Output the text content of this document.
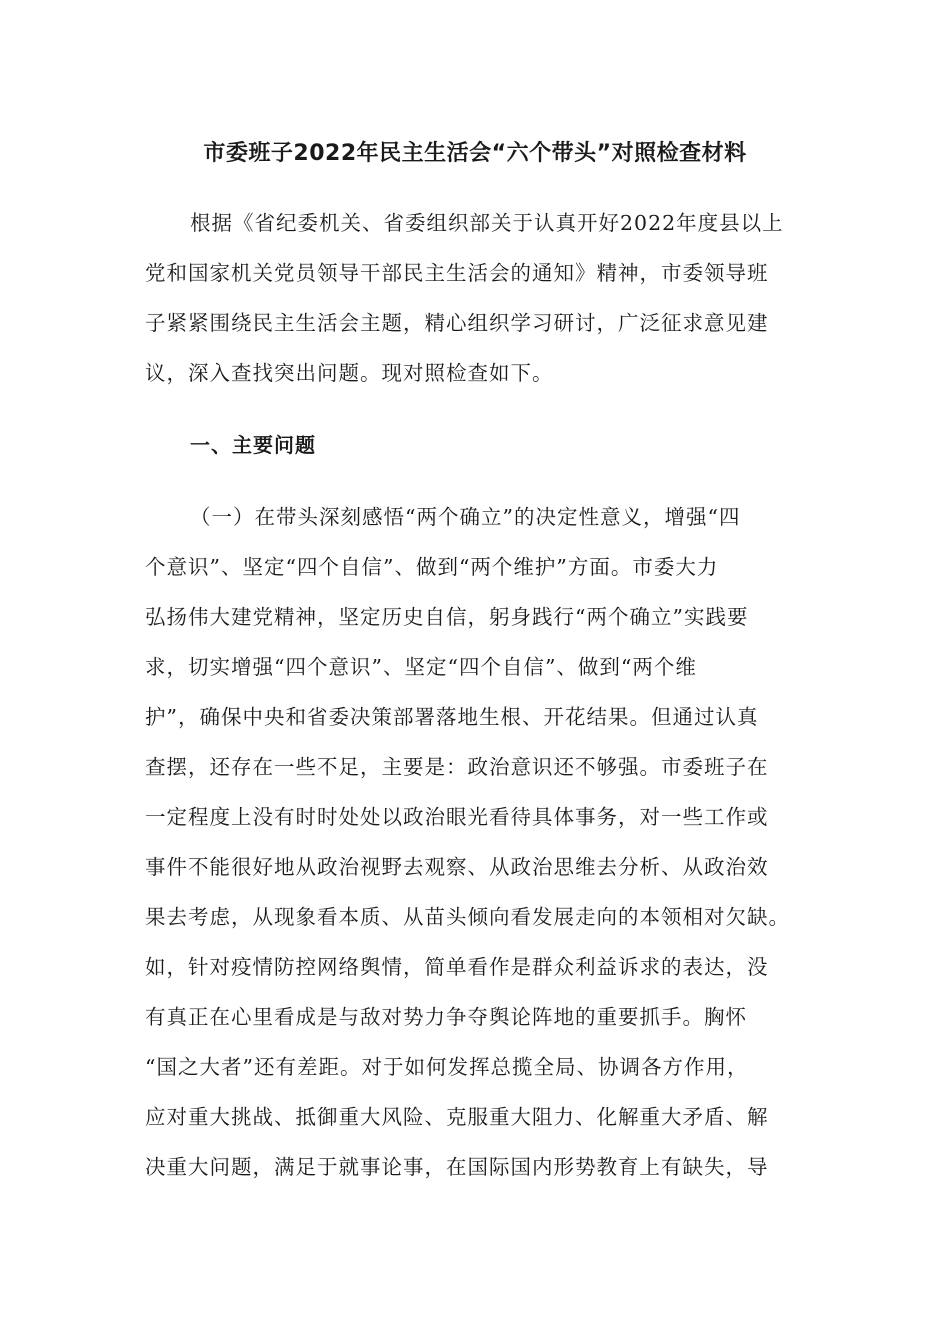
市委班子2022年民主生活会“六个带头”对照检查材料
根据《省纪委机关、省委组织部关于认真开好2022年度县以上
党和国家机关党员领导干部民主生活会的通知》精神，市委领导班
子紧紧围绕民主生活会主题，精心组织学习研讨，广泛征求意见建
议，深入查找突出问题。现对照检查如下。
一、主要问题
（一）在带头深刻感悟“两个确立”的决定性意义，增强“四
个意识”、坚定“四个自信”、做到“两个维护”方面。市委大力
弘扬伟大建党精神，坚定历史自信，躬身践行“两个确立”实践要
求，切实增强“四个意识”、坚定“四个自信”、做到“两个维
护”，确保中央和省委决策部署落地生根、开花结果。但通过认真
查摆，还存在一些不足，主要是：政治意识还不够强。市委班子在
一定程度上没有时时处处以政治眼光看待具体事务，对一些工作或
事件不能很好地从政治视野去观察、从政治思维去分析、从政治效
果去考虑，从现象看本质、从苗头倾向看发展走向的本领相对欠缺。
如，针对疫情防控网络舆情，简单看作是群众利益诉求的表达，没
有真正在心里看成是与敌对势力争夺舆论阵地的重要抓手。胸怀
“国之大者”还有差距。对于如何发挥总揽全局、协调各方作用，
应对重大挑战、抵御重大风险、克服重大阻力、化解重大矛盾、解
决重大问题，满足于就事论事，在国际国内形势教育上有缺失，导
